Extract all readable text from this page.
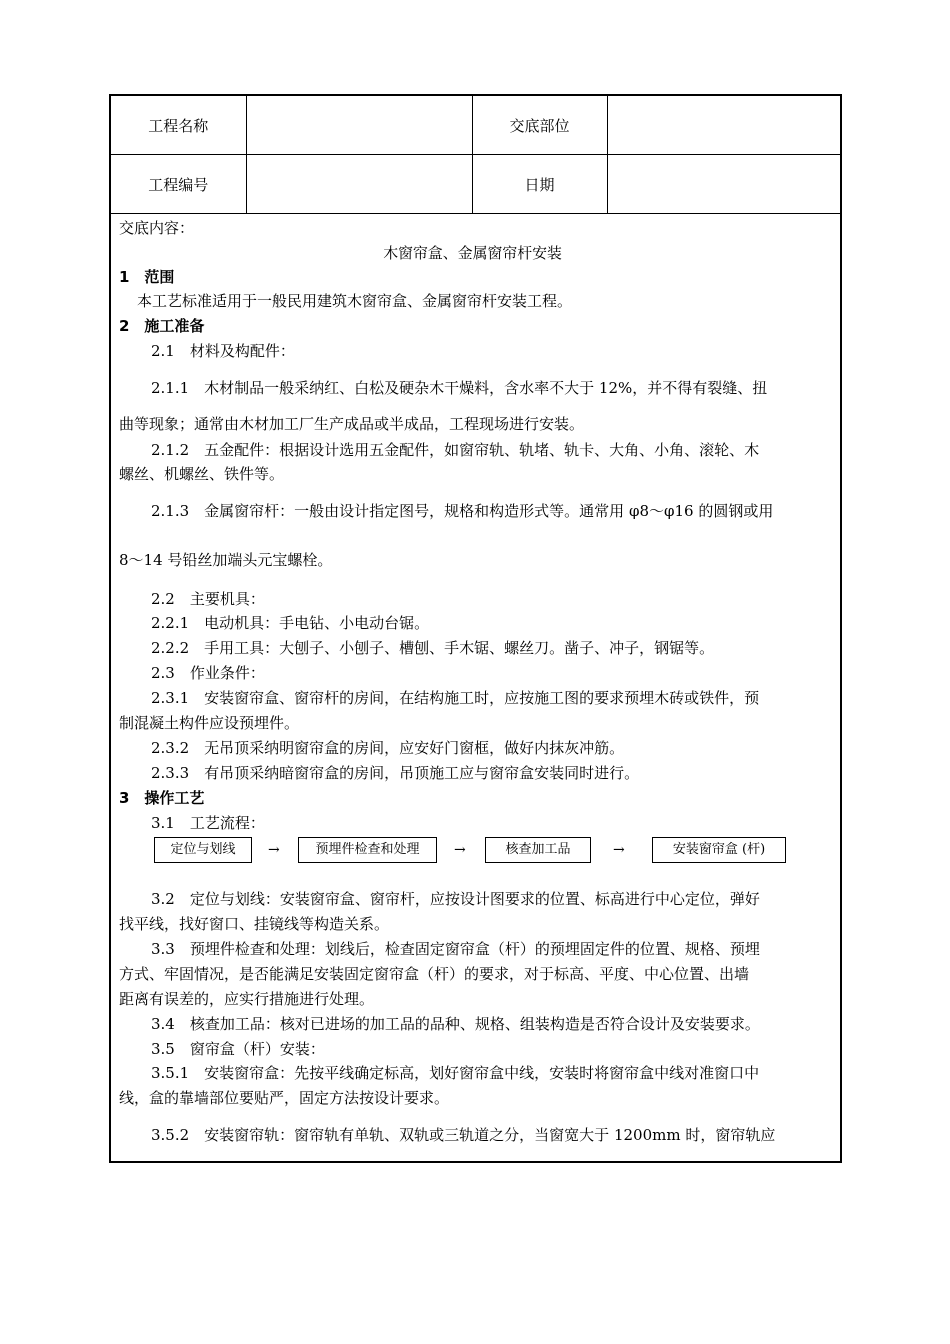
工程名称		交底部位	
工程编号		日期	
交底内容：
木窗帘盒、金属窗帘杆安装
1　范围
本工艺标准适用于一般民用建筑木窗帘盒、金属窗帘杆安装工程。
2　施工准备
2.1　材料及构配件：
2.1.1　木材制品一般采纳红、白松及硬杂木干燥料，含水率不大于 12%，并不得有裂缝、扭
曲等现象；通常由木材加工厂生产成品或半成品，工程现场进行安装。
2.1.2　五金配件：根据设计选用五金配件，如窗帘轨、轨堵、轨卡、大角、小角、滚轮、木
螺丝、机螺丝、铁件等。
2.1.3　金属窗帘杆：一般由设计指定图号，规格和构造形式等。通常用 φ8～φ16 的圆钢或用
8～14 号铅丝加端头元宝螺栓。
2.2　主要机具：
2.2.1　电动机具：手电钻、小电动台锯。
2.2.2　手用工具：大刨子、小刨子、槽刨、手木锯、螺丝刀。凿子、冲子，钢锯等。
2.3　作业条件：
2.3.1　安装窗帘盒、窗帘杆的房间，在结构施工时，应按施工图的要求预埋木砖或铁件，预
制混凝土构件应设预埋件。
2.3.2　无吊顶采纳明窗帘盒的房间，应安好门窗框，做好内抹灰冲筋。
2.3.3　有吊顶采纳暗窗帘盒的房间，吊顶施工应与窗帘盒安装同时进行。
3　操作工艺
3.1　工艺流程：
定位与划线	→	预埋件检查和处理	→	核查加工品	→	安装窗帘盒 (杆)
3.2　定位与划线：安装窗帘盒、窗帘杆，应按设计图要求的位置、标高进行中心定位，弹好
找平线，找好窗口、挂镜线等构造关系。
3.3　预埋件检查和处理：划线后，检查固定窗帘盒（杆）的预埋固定件的位置、规格、预埋
方式、牢固情况，是否能满足安装固定窗帘盒（杆）的要求，对于标高、平度、中心位置、出墙
距离有误差的，应实行措施进行处理。
3.4　核查加工品：核对已进场的加工品的品种、规格、组装构造是否符合设计及安装要求。
3.5　窗帘盒（杆）安装：
3.5.1　安装窗帘盒：先按平线确定标高，划好窗帘盒中线，安装时将窗帘盒中线对准窗口中
线，盒的靠墙部位要贴严，固定方法按设计要求。
3.5.2　安装窗帘轨：窗帘轨有单轨、双轨或三轨道之分，当窗宽大于 1200mm 时，窗帘轨应
